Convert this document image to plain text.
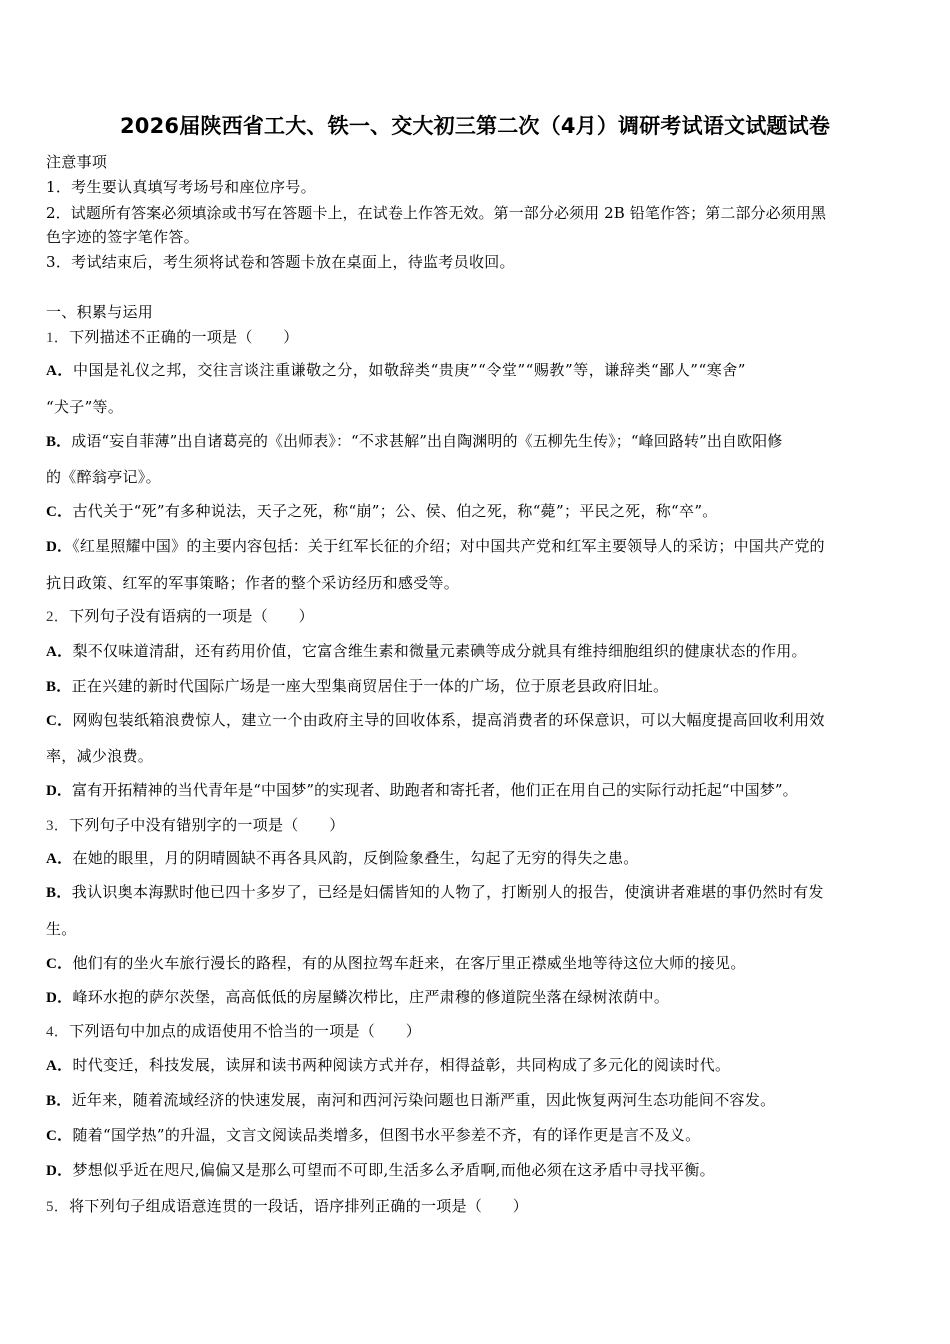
2026届陕西省工大、铁一、交大初三第二次（4月）调研考试语文试题试卷
注意事项
1．考生要认真填写考场号和座位序号。
2．试题所有答案必须填涂或书写在答题卡上，在试卷上作答无效。第一部分必须用 2B 铅笔作答；第二部分必须用黑
色字迹的签字笔作答。
3．考试结束后，考生须将试卷和答题卡放在桌面上，待监考员收回。
一、积累与运用
1．下列描述不正确的一项是（　　）
A．中国是礼仪之邦，交往言谈注重谦敬之分，如敬辞类“贵庚”“令堂”“赐教”等，谦辞类“鄙人”“寒舍”
“犬子”等。
B．成语“妄自菲薄”出自诸葛亮的《出师表》：“不求甚解”出自陶渊明的《五柳先生传》；“峰回路转”出自欧阳修
的《醉翁亭记》。
C．古代关于“死”有多种说法，天子之死，称“崩”；公、侯、伯之死，称“薨”；平民之死，称“卒”。
D．《红星照耀中国》的主要内容包括：关于红军长征的介绍；对中国共产党和红军主要领导人的采访；中国共产党的
抗日政策、红军的军事策略；作者的整个采访经历和感受等。
2．下列句子没有语病的一项是（　　）
A．梨不仅味道清甜，还有药用价值，它富含维生素和微量元素碘等成分就具有维持细胞组织的健康状态的作用。
B．正在兴建的新时代国际广场是一座大型集商贸居住于一体的广场，位于原老县政府旧址。
C．网购包装纸箱浪费惊人，建立一个由政府主导的回收体系，提高消费者的环保意识，可以大幅度提高回收利用效
率，减少浪费。
D．富有开拓精神的当代青年是“中国梦”的实现者、助跑者和寄托者，他们正在用自己的实际行动托起“中国梦”。
3．下列句子中没有错别字的一项是（　　）
A．在她的眼里，月的阴晴圆缺不再各具风韵，反倒险象叠生，勾起了无穷的得失之患。
B．我认识奥本海默时他已四十多岁了，已经是妇儒皆知的人物了，打断别人的报告，使演讲者难堪的事仍然时有发
生。
C．他们有的坐火车旅行漫长的路程，有的从图拉驾车赶来，在客厅里正襟威坐地等待这位大师的接见。
D．峰环水抱的萨尔茨堡，高高低低的房屋鳞次栉比，庄严肃穆的修道院坐落在绿树浓荫中。
4．下列语句中加点的成语使用不恰当的一项是（　　）
A．时代变迁，科技发展，读屏和读书两种阅读方式并存，相得益彰，共同构成了多元化的阅读时代。
B．近年来，随着流域经济的快速发展，南河和西河污染问题也日渐严重，因此恢复两河生态功能间不容发。
C．随着“国学热”的升温，文言文阅读品类增多，但图书水平参差不齐，有的译作更是言不及义。
D．梦想似乎近在咫尺,偏偏又是那么可望而不可即,生活多么矛盾啊,而他必须在这矛盾中寻找平衡。
5．将下列句子组成语意连贯的一段话，语序排列正确的一项是（　　）
